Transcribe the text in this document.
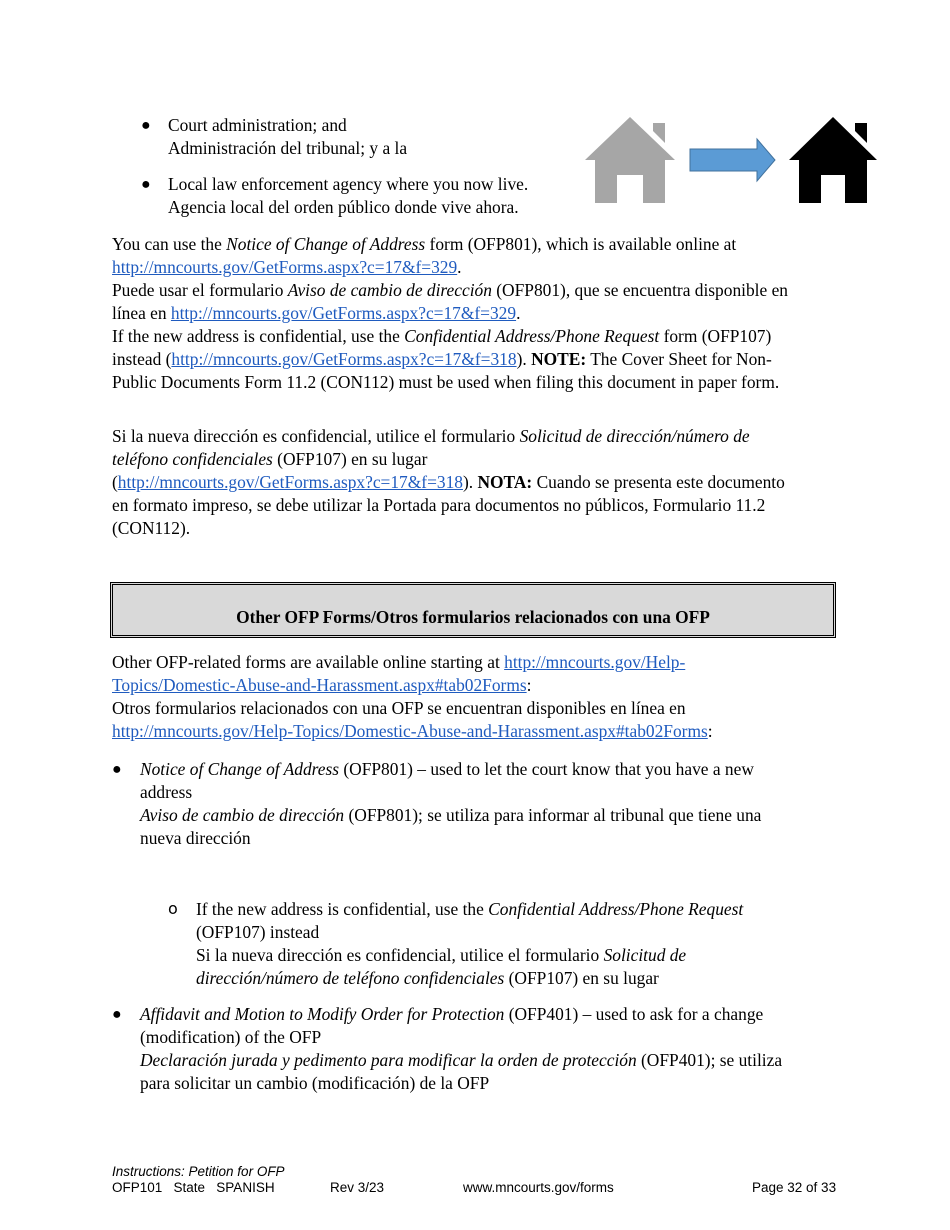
● Court administration; and
Administración del tribunal; y a la
● Local law enforcement agency where you now live.
Agencia local del orden público donde vive ahora.
You can use the Notice of Change of Address form (OFP801), which is available online at
http://mncourts.gov/GetForms.aspx?c=17&f=329.
Puede usar el formulario Aviso de cambio de dirección (OFP801), que se encuentra disponible en
línea en http://mncourts.gov/GetForms.aspx?c=17&f=329.
If the new address is confidential, use the Confidential Address/Phone Request form (OFP107)
instead (http://mncourts.gov/GetForms.aspx?c=17&f=318). NOTE: The Cover Sheet for Non-
Public Documents Form 11.2 (CON112) must be used when filing this document in paper form.
Si la nueva dirección es confidencial, utilice el formulario Solicitud de dirección/número de
teléfono confidenciales (OFP107) en su lugar
(http://mncourts.gov/GetForms.aspx?c=17&f=318). NOTA: Cuando se presenta este documento
en formato impreso, se debe utilizar la Portada para documentos no públicos, Formulario 11.2
(CON112).
Other OFP Forms/Otros formularios relacionados con una OFP
Other OFP-related forms are available online starting at http://mncourts.gov/Help-
Topics/Domestic-Abuse-and-Harassment.aspx#tab02Forms:
Otros formularios relacionados con una OFP se encuentran disponibles en línea en
http://mncourts.gov/Help-Topics/Domestic-Abuse-and-Harassment.aspx#tab02Forms:
● Notice of Change of Address (OFP801) – used to let the court know that you have a new
address
Aviso de cambio de dirección (OFP801); se utiliza para informar al tribunal que tiene una
nueva dirección
o If the new address is confidential, use the Confidential Address/Phone Request
(OFP107) instead
Si la nueva dirección es confidencial, utilice el formulario Solicitud de
dirección/número de teléfono confidenciales (OFP107) en su lugar
● Affidavit and Motion to Modify Order for Protection (OFP401) – used to ask for a change
(modification) of the OFP
Declaración jurada y pedimento para modificar la orden de protección (OFP401); se utiliza
para solicitar un cambio (modificación) de la OFP
Instructions: Petition for OFP
OFP101   State   SPANISH	Rev 3/23	www.mncourts.gov/forms	Page 32 of 33
